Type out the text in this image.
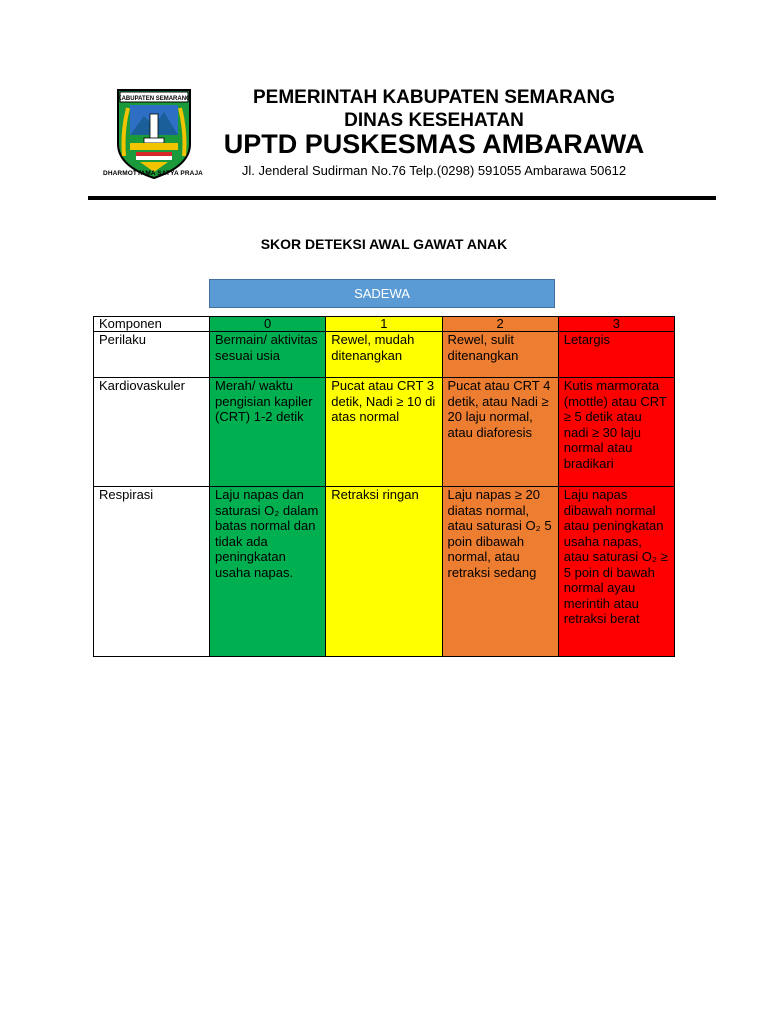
KABUPATEN SEMARANG
DHARMOTTAMA SATYA PRAJA
PEMERINTAH KABUPATEN SEMARANG
DINAS KESEHATAN
UPTD PUSKESMAS AMBARAWA
Jl. Jenderal Sudirman No.76 Telp.(0298) 591055 Ambarawa 50612
SKOR DETEKSI AWAL GAWAT ANAK
SADEWA
Komponen	0	1	2	3
Perilaku	Bermain/ aktivitas sesuai usia	Rewel, mudah ditenangkan	Rewel, sulit ditenangkan	Letargis
Kardiovaskuler	Merah/ waktu pengisian kapiler (CRT) 1-2 detik	Pucat atau CRT 3 detik, Nadi ≥ 10 di atas normal	Pucat atau CRT 4 detik, atau Nadi ≥ 20 laju normal, atau diaforesis	Kutis marmorata (mottle) atau CRT ≥ 5 detik atau nadi ≥ 30 laju normal atau bradikari
Respirasi	Laju napas dan saturasi O₂ dalam batas normal dan tidak ada peningkatan usaha napas.	Retraksi ringan	Laju napas ≥ 20 diatas normal, atau saturasi O₂ 5 poin dibawah normal, atau retraksi sedang	Laju napas dibawah normal atau peningkatan usaha napas, atau saturasi O₂ ≥ 5 poin di bawah normal ayau merintih atau retraksi berat
